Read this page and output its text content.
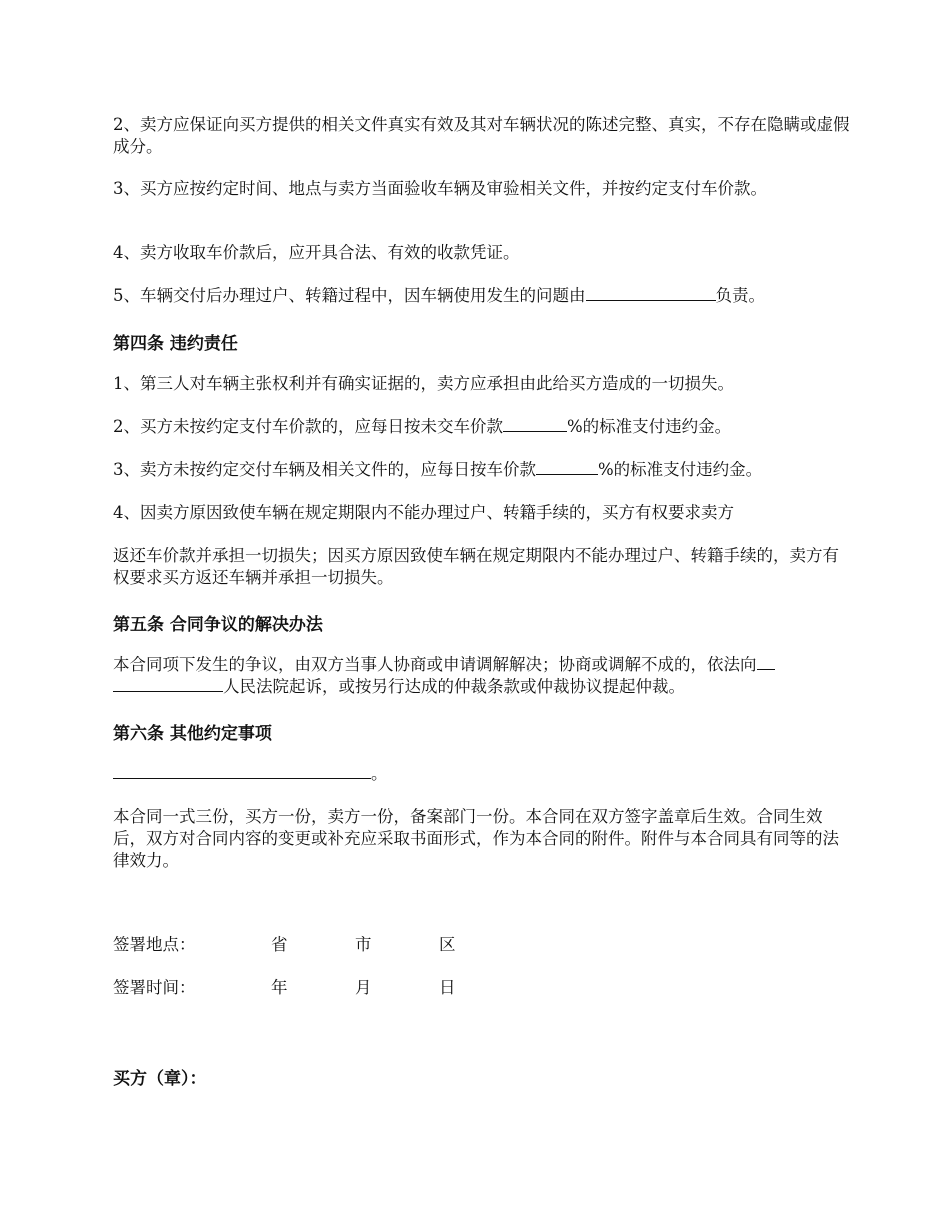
2、卖方应保证向买方提供的相关文件真实有效及其对车辆状况的陈述完整、真实，不存在隐瞒或虚假成分。

3、买方应按约定时间、地点与卖方当面验收车辆及审验相关文件，并按约定支付车价款。

4、卖方收取车价款后，应开具合法、有效的收款凭证。

5、车辆交付后办理过户、转籍过程中，因车辆使用发生的问题由	负责。

第四条 违约责任

1、第三人对车辆主张权利并有确实证据的，卖方应承担由此给买方造成的一切损失。

2、买方未按约定支付车价款的，应每日按未交车价款	%的标准支付违约金。

3、卖方未按约定交付车辆及相关文件的，应每日按车价款	%的标准支付违约金。

4、因卖方原因致使车辆在规定期限内不能办理过户、转籍手续的，买方有权要求卖方

返还车价款并承担一切损失；因买方原因致使车辆在规定期限内不能办理过户、转籍手续的，卖方有权要求买方返还车辆并承担一切损失。

第五条 合同争议的解决办法

本合同项下发生的争议，由双方当事人协商或申请调解解决；协商或调解不成的，依法向
人民法院起诉，或按另行达成的仲裁条款或仲裁协议提起仲裁。

第六条 其他约定事项

。

本合同一式三份，买方一份，卖方一份，备案部门一份。本合同在双方签字盖章后生效。合同生效后，双方对合同内容的变更或补充应采取书面形式，作为本合同的附件。附件与本合同具有同等的法律效力。

签署地点：	省	市	区
签署时间：	年	月	日
买方（章）：
